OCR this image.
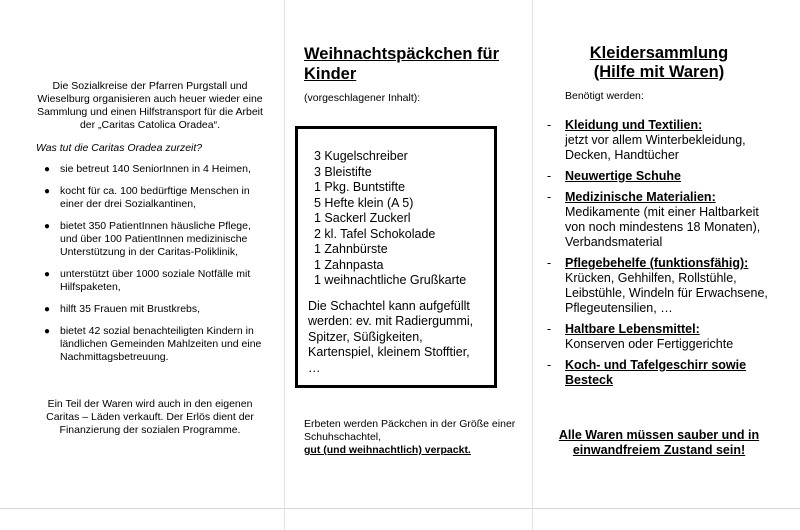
Die Sozialkreise der Pfarren Purgstall und Wieselburg organisieren auch heuer wieder eine Sammlung und einen Hilfstransport für die Arbeit der „Caritas Catolica Oradea“.

Was tut die Caritas Oradea zurzeit?

● sie betreut 140 SeniorInnen in 4 Heimen,
● kocht für ca. 100 bedürftige Menschen in einer der drei Sozialkantinen,
● bietet 350 PatientInnen häusliche Pflege, und über 100 PatientInnen medizinische Unterstützung in der Caritas-Poliklinik,
● unterstützt über 1000 soziale Notfälle mit Hilfspaketen,
● hilft 35 Frauen mit Brustkrebs,
● bietet 42 sozial benachteiligten Kindern in ländlichen Gemeinden Mahlzeiten und eine Nachmittagsbetreuung.

Ein Teil der Waren wird auch in den eigenen Caritas – Läden verkauft. Der Erlös dient der Finanzierung der sozialen Programme.

Weihnachtspäckchen für Kinder
(vorgeschlagener Inhalt):
3 Kugelschreiber
3 Bleistifte
1 Pkg. Buntstifte
5 Hefte klein (A 5)
1 Sackerl Zuckerl
2 kl. Tafel Schokolade
1 Zahnbürste
1 Zahnpasta
1 weihnachtliche Grußkarte
Die Schachtel kann aufgefüllt werden: ev. mit Radiergummi, Spitzer, Süßigkeiten, Kartenspiel, kleinem Stofftier, …
Erbeten werden Päckchen in der Größe einer Schuhschachtel,
gut (und weihnachtlich) verpackt.
Kleidersammlung
(Hilfe mit Waren)
Benötigt werden:
- Kleidung und Textilien:
jetzt vor allem Winterbekleidung, Decken, Handtücher
- Neuwertige Schuhe
- Medizinische Materialien:
Medikamente (mit einer Haltbarkeit von noch mindestens 18 Monaten), Verbandsmaterial
- Pflegebehelfe (funktionsfähig):
Krücken, Gehhilfen, Rollstühle, Leibstühle, Windeln für Erwachsene, Pflegeutensilien, …
- Haltbare Lebensmittel:
Konserven oder Fertiggerichte
- Koch- und Tafelgeschirr sowie Besteck
Alle Waren müssen sauber und in einwandfreiem Zustand sein!
